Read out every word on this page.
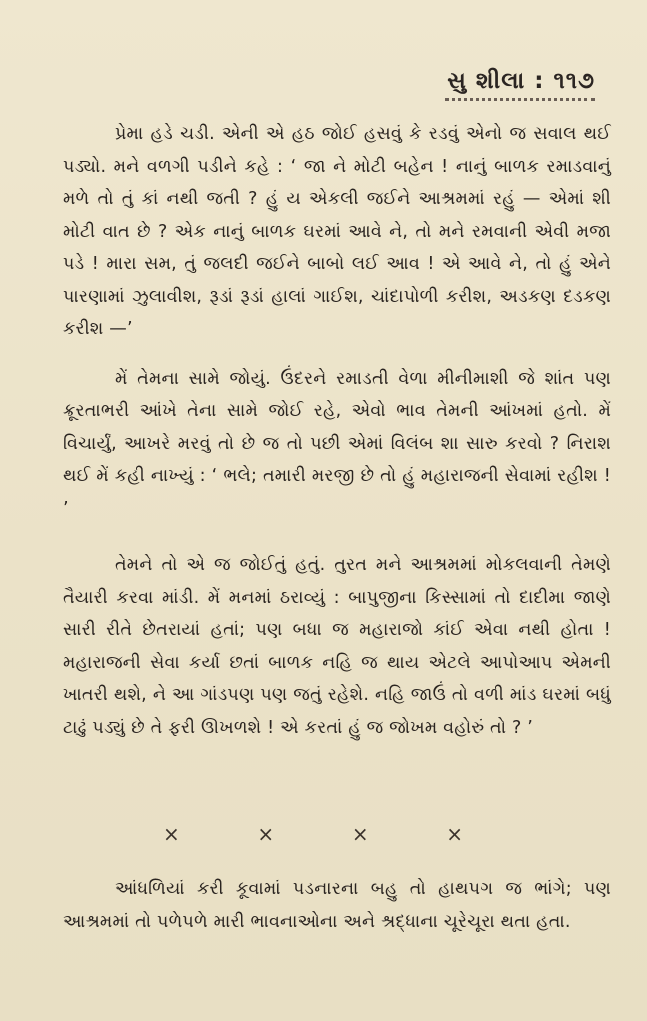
સુ શીલા : ૧૧૭

પ્રેમા હડે ચડી. એની એ હઠ જોઈ હસવું કે રડવું એનો જ સવાલ થઈ પડ્યો. મને વળગી પડીને કહે : ‘ જા ને મોટી બહેન ! નાનું બાળક રમાડવાનું મળે તો તું કાં નથી જતી ? હું ય એકલી જઈને આશ્રમમાં રહું — એમાં શી મોટી વાત છે ? એક નાનું બાળક ઘરમાં આવે ને, તો મને રમવાની એવી મજા પડે ! મારા સમ, તું જલદી જઈને બાબો લઈ આવ ! એ આવે ને, તો હું એને પારણામાં ઝુલાવીશ, રૂડાં રૂડાં હાલાં ગાઈશ, ચાંદાપોળી કરીશ, અડકણ દડકણ કરીશ —’

મેં તેમના સામે જોયું. ઉંદરને રમાડતી વેળા મીનીમાશી જે શાંત પણ ક્રૂરતાભરી આંખે તેના સામે જોઈ રહે, એવો ભાવ તેમની આંખમાં હતો. મેં વિચાર્યું, આખરે મરવું તો છે જ તો પછી એમાં વિલંબ શા સારુ કરવો ? નિરાશ થઈ મેં કહી નાખ્યું : ‘ ભલે; તમારી મરજી છે તો હું મહારાજની સેવામાં રહીશ ! ’

તેમને તો એ જ જોઈતું હતું. તુરત મને આશ્રમમાં મોકલવાની તેમણે તૈયારી કરવા માંડી. મેં મનમાં ઠરાવ્યું : બાપુજીના કિસ્સામાં તો દાદીમા જાણે સારી રીતે છેતરાયાં હતાં; પણ બધા જ મહારાજો કાંઈ એવા નથી હોતા ! મહારાજની સેવા કર્યા છતાં બાળક નહિ જ થાય એટલે આપોઆપ એમની ખાતરી થશે, ને આ ગાંડપણ પણ જતું રહેશે. નહિ જાઉં તો વળી માંડ ઘરમાં બધું ટાઢું પડ્યું છે તે ફરી ઊખળશે ! એ કરતાં હું જ જોખમ વહોરું તો ? ’

×	×	×	×

આંધળિયાં કરી કૂવામાં પડનારના બહુ તો હાથપગ જ ભાંગે; પણ આશ્રમમાં તો પળેપળે મારી ભાવનાઓના અને શ્રદ્ધાના ચૂરેચૂરા થતા હતા.
